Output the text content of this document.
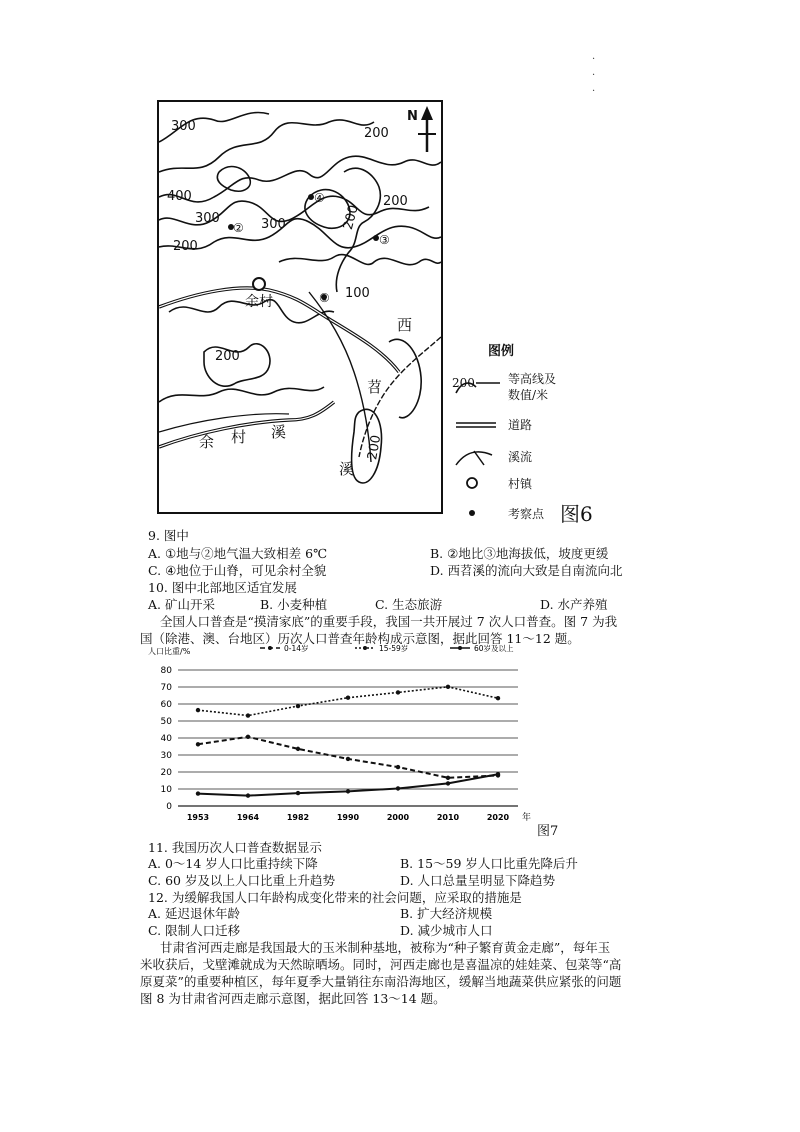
·
·
·
N
300	200
400
300	300
200
200
200
100
200
200
①
②
③
④
余村
西
苕
余 村 溪
溪
图例
200	等高线及
数值/米
道路
溪流
村镇
考察点 图6
9. 图中
A. ①地与②地气温大致相差 6℃	B. ②地比③地海拔低，坡度更缓
C. ④地位于山脊，可见余村全貌	D. 西苕溪的流向大致是自南流向北
10. 图中北部地区适宜发展
A. 矿山开采	B. 小麦种植	C. 生态旅游	D. 水产养殖
全国人口普查是“摸清家底”的重要手段，我国一共开展过 7 次人口普查。图 7 为我
国（除港、澳、台地区）历次人口普查年龄构成示意图，据此回答 11～12 题。
0
10
20
30
40
50
60
70
80
人口比重/%
1953	1964	1982	1990	2000	2010	2020 年
0-14岁	15-59岁	60岁及以上
图7
11. 我国历次人口普查数据显示
A. 0～14 岁人口比重持续下降	B. 15～59 岁人口比重先降后升
C. 60 岁及以上人口比重上升趋势	D. 人口总量呈明显下降趋势
12. 为缓解我国人口年龄构成变化带来的社会问题，应采取的措施是
A. 延迟退休年龄	B. 扩大经济规模
C. 限制人口迁移	D. 减少城市人口
甘肃省河西走廊是我国最大的玉米制种基地，被称为“种子繁育黄金走廊”，每年玉
米收获后，戈壁滩就成为天然晾晒场。同时，河西走廊也是喜温凉的娃娃菜、包菜等“高
原夏菜”的重要种植区，每年夏季大量销往东南沿海地区，缓解当地蔬菜供应紧张的问题
图 8 为甘肃省河西走廊示意图，据此回答 13～14 题。
